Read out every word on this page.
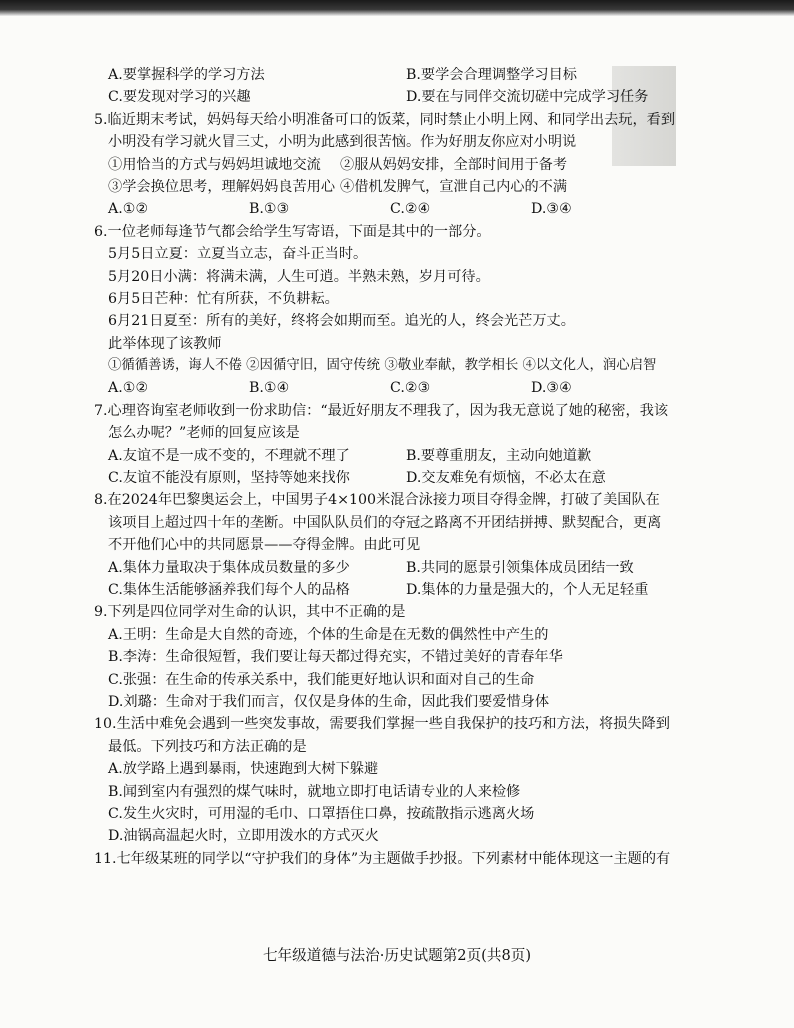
A.要掌握科学的学习方法	B.要学会合理调整学习目标
C.要发现对学习的兴趣	D.要在与同伴交流切磋中完成学习任务
5.临近期末考试，妈妈每天给小明准备可口的饭菜，同时禁止小明上网、和同学出去玩，看到
小明没有学习就火冒三丈，小明为此感到很苦恼。作为好朋友你应对小明说
①用恰当的方式与妈妈坦诚地交流	②服从妈妈安排，全部时间用于备考
③学会换位思考，理解妈妈良苦用心 ④借机发脾气，宣泄自己内心的不满
A.①②	B.①③	C.②④	D.③④
6.一位老师每逢节气都会给学生写寄语，下面是其中的一部分。
5月5日立夏：立夏当立志，奋斗正当时。
5月20日小满：将满未满，人生可逍。半熟未熟，岁月可待。
6月5日芒种：忙有所获，不负耕耘。
6月21日夏至：所有的美好，终将会如期而至。追光的人，终会光芒万丈。
此举体现了该教师
①循循善诱，诲人不倦 ②因循守旧，固守传统 ③敬业奉献，教学相长 ④以文化人，润心启智
A.①②	B.①④	C.②③	D.③④
7.心理咨询室老师收到一份求助信：“最近好朋友不理我了，因为我无意说了她的秘密，我该
怎么办呢？”老师的回复应该是
A.友谊不是一成不变的，不理就不理了	B.要尊重朋友，主动向她道歉
C.友谊不能没有原则，坚持等她来找你	D.交友难免有烦恼，不必太在意
8.在2024年巴黎奥运会上，中国男子4×100米混合泳接力项目夺得金牌，打破了美国队在
该项目上超过四十年的垄断。中国队队员们的夺冠之路离不开团结拼搏、默契配合，更离
不开他们心中的共同愿景——夺得金牌。由此可见
A.集体力量取决于集体成员数量的多少	B.共同的愿景引领集体成员团结一致
C.集体生活能够涵养我们每个人的品格	D.集体的力量是强大的，个人无足轻重
9.下列是四位同学对生命的认识，其中不正确的是
A.王明：生命是大自然的奇迹，个体的生命是在无数的偶然性中产生的
B.李涛：生命很短暂，我们要让每天都过得充实，不错过美好的青春年华
C.张强：在生命的传承关系中，我们能更好地认识和面对自己的生命
D.刘璐：生命对于我们而言，仅仅是身体的生命，因此我们要爱惜身体
10.生活中难免会遇到一些突发事故，需要我们掌握一些自我保护的技巧和方法，将损失降到
最低。下列技巧和方法正确的是
A.放学路上遇到暴雨，快速跑到大树下躲避
B.闻到室内有强烈的煤气味时，就地立即打电话请专业的人来检修
C.发生火灾时，可用湿的毛巾、口罩捂住口鼻，按疏散指示逃离火场
D.油锅高温起火时，立即用泼水的方式灭火
11.七年级某班的同学以“守护我们的身体”为主题做手抄报。下列素材中能体现这一主题的有
七年级道德与法治·历史试题第2页(共8页)
